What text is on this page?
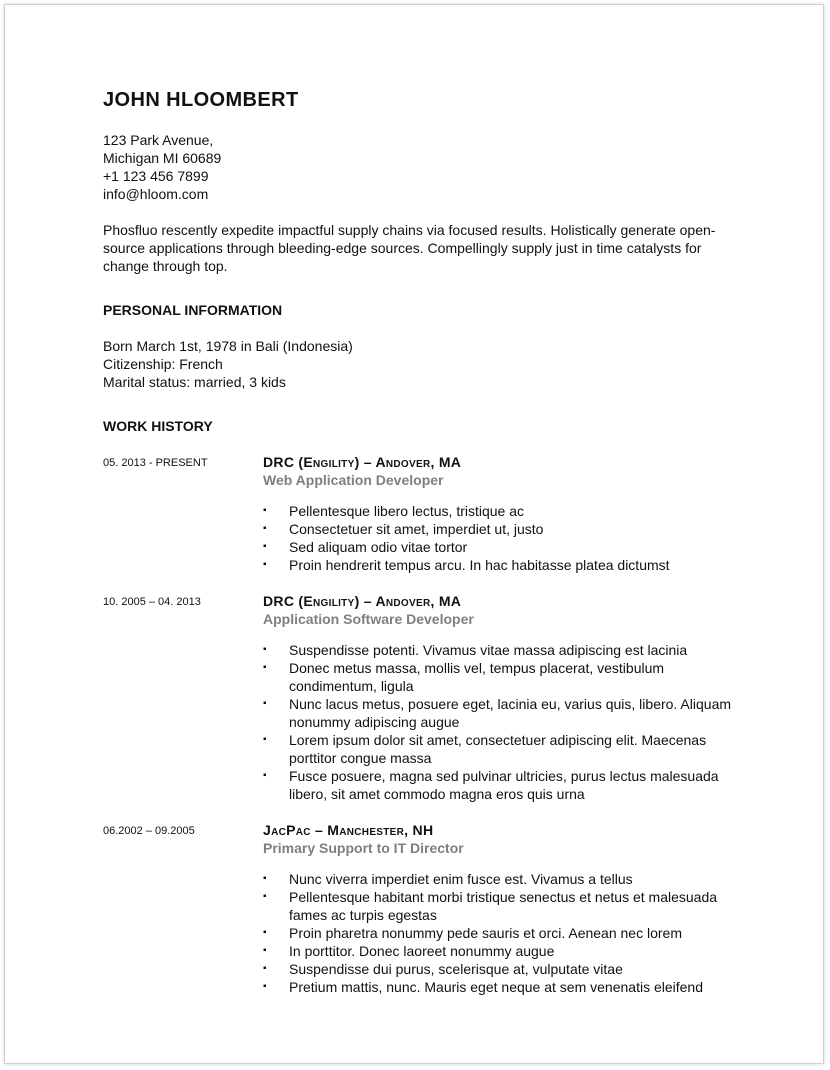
JOHN HLOOMBERT
123 Park Avenue,
Michigan MI 60689
+1 123 456 7899
info@hloom.com
Phosfluo rescently expedite impactful supply chains via focused results. Holistically generate open-source applications through bleeding-edge sources. Compellingly supply just in time catalysts for change through top.
PERSONAL INFORMATION
Born March 1st, 1978 in Bali (Indonesia)
Citizenship: French
Marital status: married, 3 kids
WORK HISTORY
05. 2013 - PRESENT	DRC (Engility) – Andover, MA
Web Application Developer
▪ Pellentesque libero lectus, tristique ac
▪ Consectetuer sit amet, imperdiet ut, justo
▪ Sed aliquam odio vitae tortor
▪ Proin hendrerit tempus arcu. In hac habitasse platea dictumst
10. 2005 – 04. 2013	DRC (Engility) – Andover, MA
Application Software Developer
▪ Suspendisse potenti. Vivamus vitae massa adipiscing est lacinia
▪ Donec metus massa, mollis vel, tempus placerat, vestibulum condimentum, ligula
▪ Nunc lacus metus, posuere eget, lacinia eu, varius quis, libero. Aliquam nonummy adipiscing augue
▪ Lorem ipsum dolor sit amet, consectetuer adipiscing elit. Maecenas porttitor congue massa
▪ Fusce posuere, magna sed pulvinar ultricies, purus lectus malesuada libero, sit amet commodo magna eros quis urna
06.2002 – 09.2005	JacPac – Manchester, NH
Primary Support to IT Director
▪ Nunc viverra imperdiet enim fusce est. Vivamus a tellus
▪ Pellentesque habitant morbi tristique senectus et netus et malesuada fames ac turpis egestas
▪ Proin pharetra nonummy pede sauris et orci. Aenean nec lorem
▪ In porttitor. Donec laoreet nonummy augue
▪ Suspendisse dui purus, scelerisque at, vulputate vitae
▪ Pretium mattis, nunc. Mauris eget neque at sem venenatis eleifend
